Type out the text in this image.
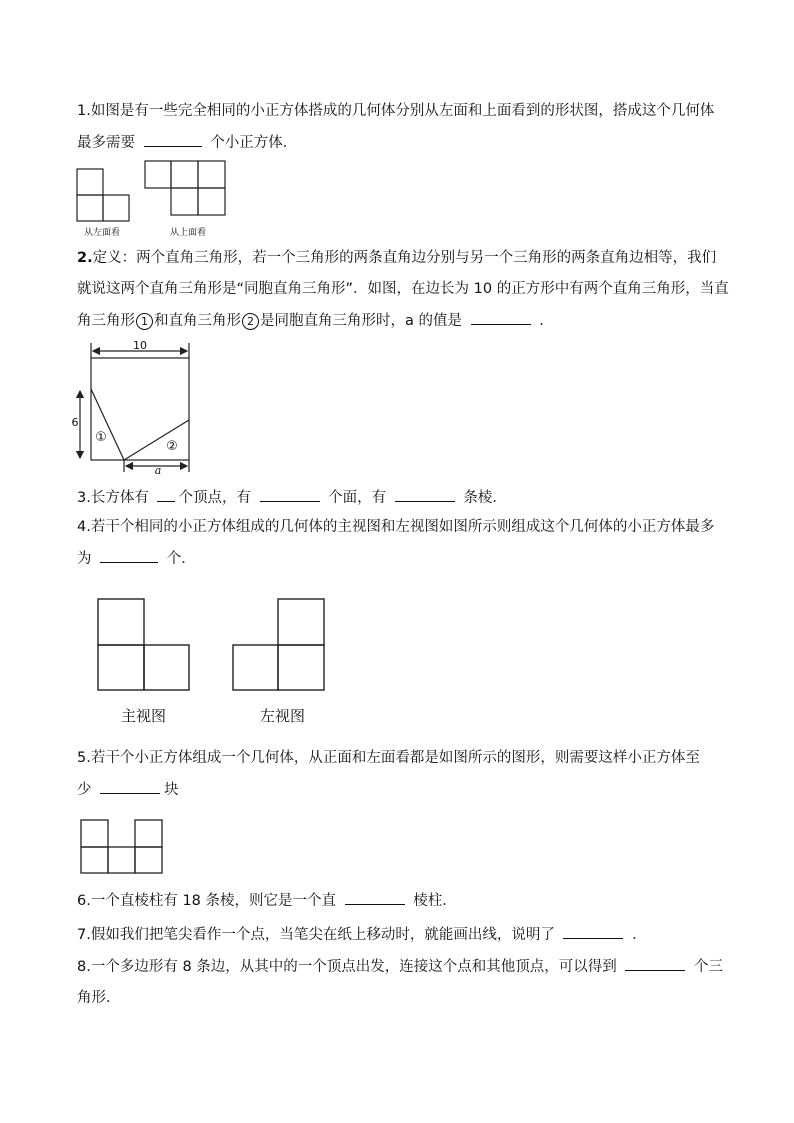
1.如图是有一些完全相同的小正方体搭成的几何体分别从左面和上面看到的形状图，搭成这个几何体
最多需要	个小正方体．
从左面看	从上面看
2.定义：两个直角三角形，若一个三角形的两条直角边分别与另一个三角形的两条直角边相等，我们
就说这两个直角三角形是“同胞直角三角形”．如图，在边长为 10 的正方形中有两个直角三角形，当直
角三角形 1 和直角三角形 2 是同胞直角三角形时，a 的值是	．
10
6
①
②
a
3.长方体有 个顶点，有	个面，有	条棱．
4.若干个相同的小正方体组成的几何体的主视图和左视图如图所示则组成这个几何体的小正方体最多
为	个．
主视图	左视图
5.若干个小正方体组成一个几何体，从正面和左面看都是如图所示的图形，则需要这样小正方体至
少	块
6.一个直棱柱有 18 条棱，则它是一个直	棱柱．
7.假如我们把笔尖看作一个点，当笔尖在纸上移动时，就能画出线，说明了	．
8.一个多边形有 8 条边，从其中的一个顶点出发，连接这个点和其他顶点，可以得到	个三
角形．
